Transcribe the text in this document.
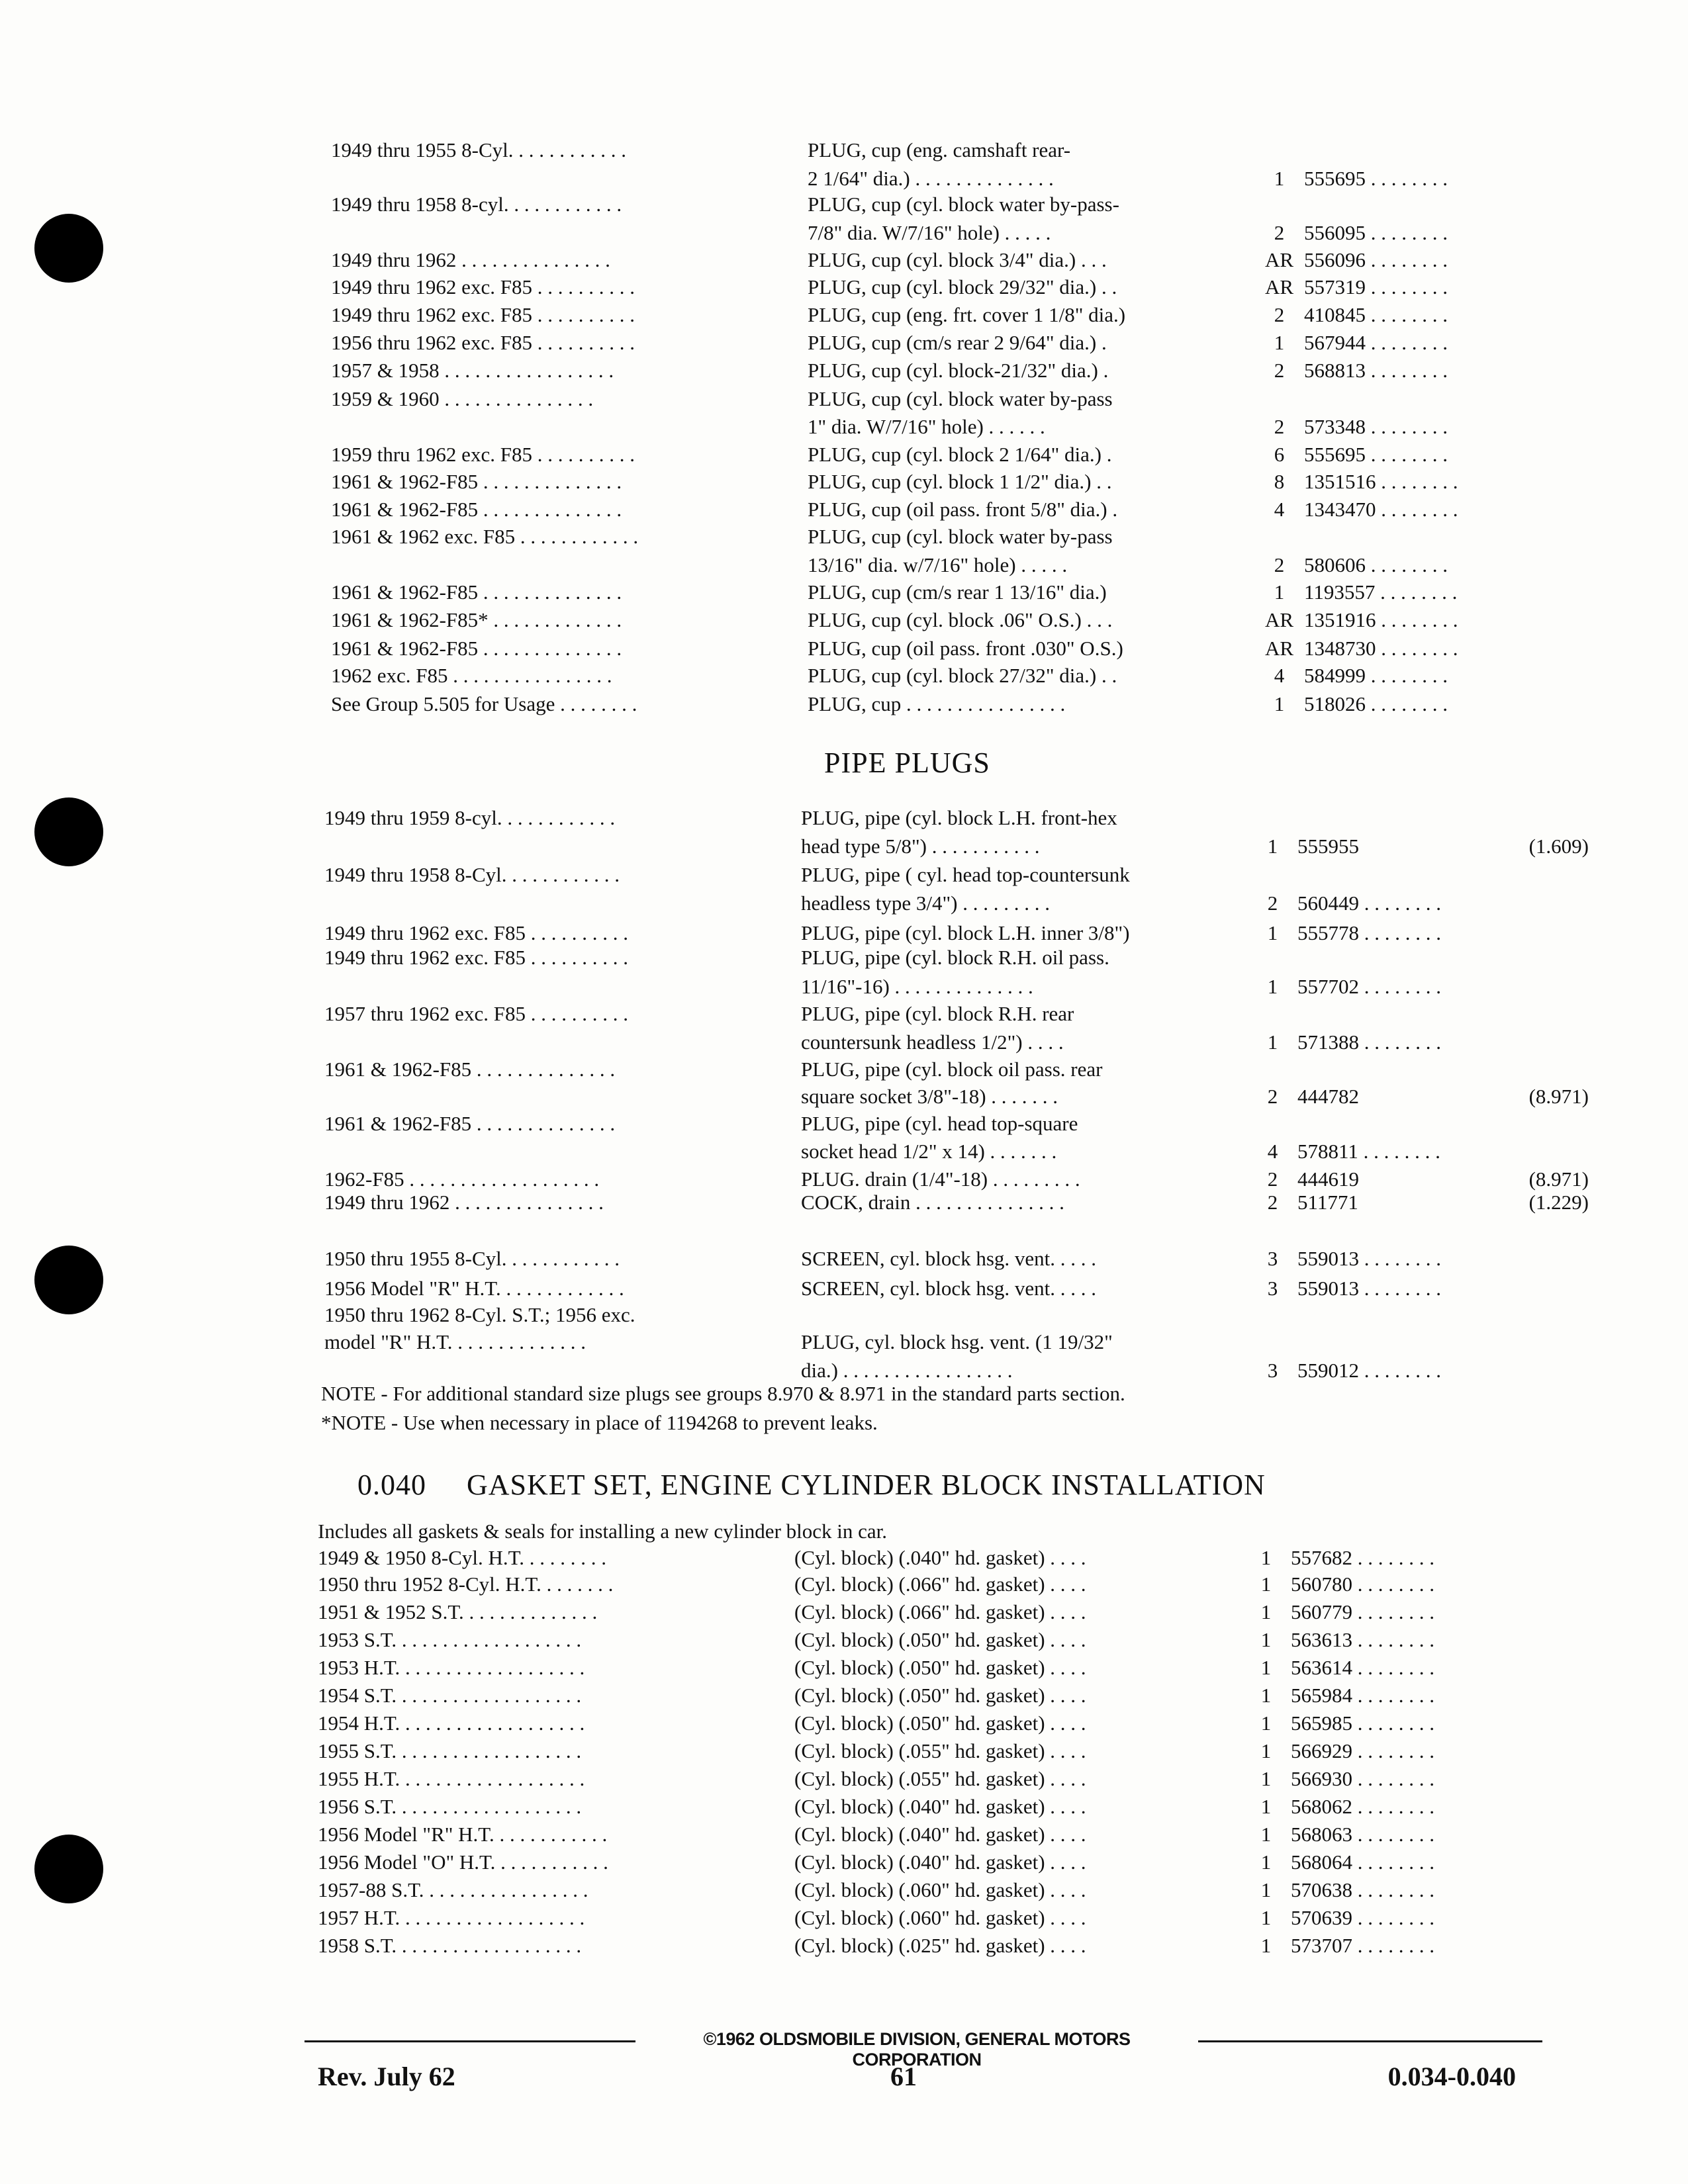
1949 thru 1955 8-Cyl. . . . . . . . . . . .	PLUG, cup (eng. camshaft rear-
2 1/64" dia.) . . . . . . . . . . . . . .	1 555695 . . . . . . . .
1949 thru 1958 8-cyl. . . . . . . . . . . .	PLUG, cup (cyl. block water by-pass-
7/8" dia. W/7/16" hole) . . . . .	2 556095 . . . . . . . .
1949 thru 1962 . . . . . . . . . . . . . . .	PLUG, cup (cyl. block 3/4" dia.) . . .	AR 556096 . . . . . . . .
1949 thru 1962 exc. F85 . . . . . . . . . .	PLUG, cup (cyl. block 29/32" dia.) . .	AR 557319 . . . . . . . .
1949 thru 1962 exc. F85 . . . . . . . . . .	PLUG, cup (eng. frt. cover 1 1/8" dia.)	2 410845 . . . . . . . .
1956 thru 1962 exc. F85 . . . . . . . . . .	PLUG, cup (cm/s rear 2 9/64" dia.) .	1 567944 . . . . . . . .
1957 & 1958 . . . . . . . . . . . . . . . . .	PLUG, cup (cyl. block-21/32" dia.) .	2 568813 . . . . . . . .
1959 & 1960 . . . . . . . . . . . . . . .	PLUG, cup (cyl. block water by-pass
1" dia. W/7/16" hole) . . . . . .	2 573348 . . . . . . . .
1959 thru 1962 exc. F85 . . . . . . . . . .	PLUG, cup (cyl. block 2 1/64" dia.) .	6 555695 . . . . . . . .
1961 & 1962-F85 . . . . . . . . . . . . . .	PLUG, cup (cyl. block 1 1/2" dia.) . .	8 1351516 . . . . . . . .
1961 & 1962-F85 . . . . . . . . . . . . . .	PLUG, cup (oil pass. front 5/8" dia.) .	4 1343470 . . . . . . . .
1961 & 1962 exc. F85 . . . . . . . . . . . .	PLUG, cup (cyl. block water by-pass
13/16" dia. w/7/16" hole) . . . . .	2 580606 . . . . . . . .
1961 & 1962-F85 . . . . . . . . . . . . . .	PLUG, cup (cm/s rear 1 13/16" dia.)	1 1193557 . . . . . . . .
1961 & 1962-F85* . . . . . . . . . . . . .	PLUG, cup (cyl. block .06" O.S.) . . .	AR 1351916 . . . . . . . .
1961 & 1962-F85 . . . . . . . . . . . . . .	PLUG, cup (oil pass. front .030" O.S.)	AR 1348730 . . . . . . . .
1962 exc. F85 . . . . . . . . . . . . . . . .	PLUG, cup (cyl. block 27/32" dia.) . .	4 584999 . . . . . . . .
See Group 5.505 for Usage . . . . . . . .	PLUG, cup . . . . . . . . . . . . . . . .	1 518026 . . . . . . . .
PIPE PLUGS
1949 thru 1959 8-cyl. . . . . . . . . . . .	PLUG, pipe (cyl. block L.H. front-hex
head type 5/8") . . . . . . . . . . .	1 555955	(1.609)
1949 thru 1958 8-Cyl. . . . . . . . . . . .	PLUG, pipe ( cyl. head top-countersunk
headless type 3/4") . . . . . . . . .	2 560449 . . . . . . . .
1949 thru 1962 exc. F85 . . . . . . . . . .	PLUG, pipe (cyl. block L.H. inner 3/8")	1 555778 . . . . . . . .
1949 thru 1962 exc. F85 . . . . . . . . . .	PLUG, pipe (cyl. block R.H. oil pass.
11/16"-16) . . . . . . . . . . . . . .	1 557702 . . . . . . . .
1957 thru 1962 exc. F85 . . . . . . . . . .	PLUG, pipe (cyl. block R.H. rear
countersunk headless 1/2") . . . .	1 571388 . . . . . . . .
1961 & 1962-F85 . . . . . . . . . . . . . .	PLUG, pipe (cyl. block oil pass. rear
square socket 3/8"-18) . . . . . . .	2 444782	(8.971)
1961 & 1962-F85 . . . . . . . . . . . . . .	PLUG, pipe (cyl. head top-square
socket head 1/2" x 14) . . . . . . .	4 578811 . . . . . . . .
1962-F85 . . . . . . . . . . . . . . . . . . .	PLUG. drain (1/4"-18) . . . . . . . . .	2 444619	(8.971)
1949 thru 1962 . . . . . . . . . . . . . . .	COCK, drain . . . . . . . . . . . . . . .	2 511771	(1.229)
1950 thru 1955 8-Cyl. . . . . . . . . . . .	SCREEN, cyl. block hsg. vent. . . . .	3 559013 . . . . . . . .
1956 Model "R" H.T. . . . . . . . . . . . .	SCREEN, cyl. block hsg. vent. . . . .	3 559013 . . . . . . . .
1950 thru 1962 8-Cyl. S.T.; 1956 exc.
model "R" H.T. . . . . . . . . . . . . .	PLUG, cyl. block hsg. vent. (1 19/32"
dia.) . . . . . . . . . . . . . . . . .	3 559012 . . . . . . . .
NOTE - For additional standard size plugs see groups 8.970 & 8.971 in the standard parts section.
*NOTE - Use when necessary in place of 1194268 to prevent leaks.
0.040 GASKET SET, ENGINE CYLINDER BLOCK INSTALLATION
Includes all gaskets & seals for installing a new cylinder block in car.
1949 & 1950 8-Cyl. H.T. . . . . . . . .	(Cyl. block) (.040" hd. gasket) . . . .	1 557682 . . . . . . . .
1950 thru 1952 8-Cyl. H.T. . . . . . . .	(Cyl. block) (.066" hd. gasket) . . . .	1 560780 . . . . . . . .
1951 & 1952 S.T. . . . . . . . . . . . . .	(Cyl. block) (.066" hd. gasket) . . . .	1 560779 . . . . . . . .
1953 S.T. . . . . . . . . . . . . . . . . . .	(Cyl. block) (.050" hd. gasket) . . . .	1 563613 . . . . . . . .
1953 H.T. . . . . . . . . . . . . . . . . . .	(Cyl. block) (.050" hd. gasket) . . . .	1 563614 . . . . . . . .
1954 S.T. . . . . . . . . . . . . . . . . . .	(Cyl. block) (.050" hd. gasket) . . . .	1 565984 . . . . . . . .
1954 H.T. . . . . . . . . . . . . . . . . . .	(Cyl. block) (.050" hd. gasket) . . . .	1 565985 . . . . . . . .
1955 S.T. . . . . . . . . . . . . . . . . . .	(Cyl. block) (.055" hd. gasket) . . . .	1 566929 . . . . . . . .
1955 H.T. . . . . . . . . . . . . . . . . . .	(Cyl. block) (.055" hd. gasket) . . . .	1 566930 . . . . . . . .
1956 S.T. . . . . . . . . . . . . . . . . . .	(Cyl. block) (.040" hd. gasket) . . . .	1 568062 . . . . . . . .
1956 Model "R" H.T. . . . . . . . . . . .	(Cyl. block) (.040" hd. gasket) . . . .	1 568063 . . . . . . . .
1956 Model "O" H.T. . . . . . . . . . . .	(Cyl. block) (.040" hd. gasket) . . . .	1 568064 . . . . . . . .
1957-88 S.T. . . . . . . . . . . . . . . . .	(Cyl. block) (.060" hd. gasket) . . . .	1 570638 . . . . . . . .
1957 H.T. . . . . . . . . . . . . . . . . . .	(Cyl. block) (.060" hd. gasket) . . . .	1 570639 . . . . . . . .
1958 S.T. . . . . . . . . . . . . . . . . . .	(Cyl. block) (.025" hd. gasket) . . . .	1 573707 . . . . . . . .
©1962 OLDSMOBILE DIVISION, GENERAL MOTORS CORPORATION
Rev. July 62	61	0.034-0.040
